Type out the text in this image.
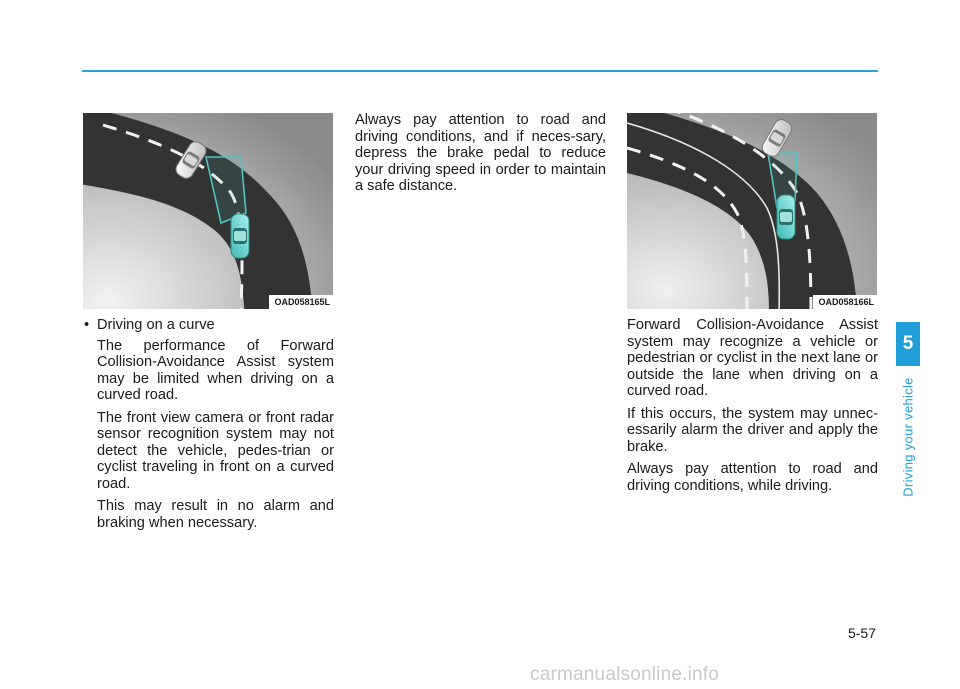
OAD058165L	OAD058166L
• Driving on a curve

The performance of Forward Collision-Avoidance Assist system may be limited when driving on a curved road.

The front view camera or front radar sensor recognition system may not detect the vehicle, pedes-trian or cyclist traveling in front on a curved road.

This may result in no alarm and braking when necessary.

Always pay attention to road and driving conditions, and if neces-sary, depress the brake pedal to reduce your driving speed in order to maintain a safe distance.

Forward Collision-Avoidance Assist system may recognize a vehicle or pedestrian or cyclist in the next lane or outside the lane when driving on a curved road.

If this occurs, the system may unnec-essarily alarm the driver and apply the brake.

Always pay attention to road and driving conditions, while driving.

5
Driving your vehicle
5-57
carmanualsonline.info
